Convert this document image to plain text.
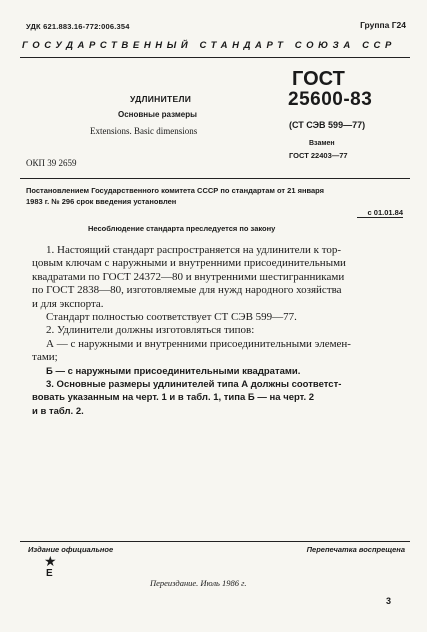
УДК 621.883.16-772:006.354	Группа Г24
ГОСУДАРСТВЕННЫЙ СТАНДАРТ СОЮЗА ССР
УДЛИНИТЕЛИ
Основные размеры
Extensions. Basic dimensions
ОКП 39 2659
ГОСТ
25600-83
(СТ СЭВ 599—77)
Взамен
ГОСТ 22403—77
Постановлением Государственного комитета СССР по стандартам от 21 января
1983 г. № 296 срок введения установлен
с 01.01.84
Несоблюдение стандарта преследуется по закону
1. Настоящий стандарт распространяется на удлинители к тор-
цовым ключам с наружными и внутренними присоединительными
квадратами по ГОСТ 24372—80 и внутренними шестигранниками
по ГОСТ 2838—80, изготовляемые для нужд народного хозяйства
и для экспорта.
Стандарт полностью соответствует СТ СЭВ 599—77.
2. Удлинители должны изготовляться типов:
А — с наружными и внутренними присоединительными элемен-
тами;
Б — с наружными присоединительными квадратами.
3. Основные размеры удлинителей типа А должны соответст-
вовать указанным на черт. 1 и в табл. 1, типа Б — на черт. 2
и в табл. 2.
Издание официальное	Перепечатка воспрещена
★
Е
Переиздание. Июль 1986 г.
3
